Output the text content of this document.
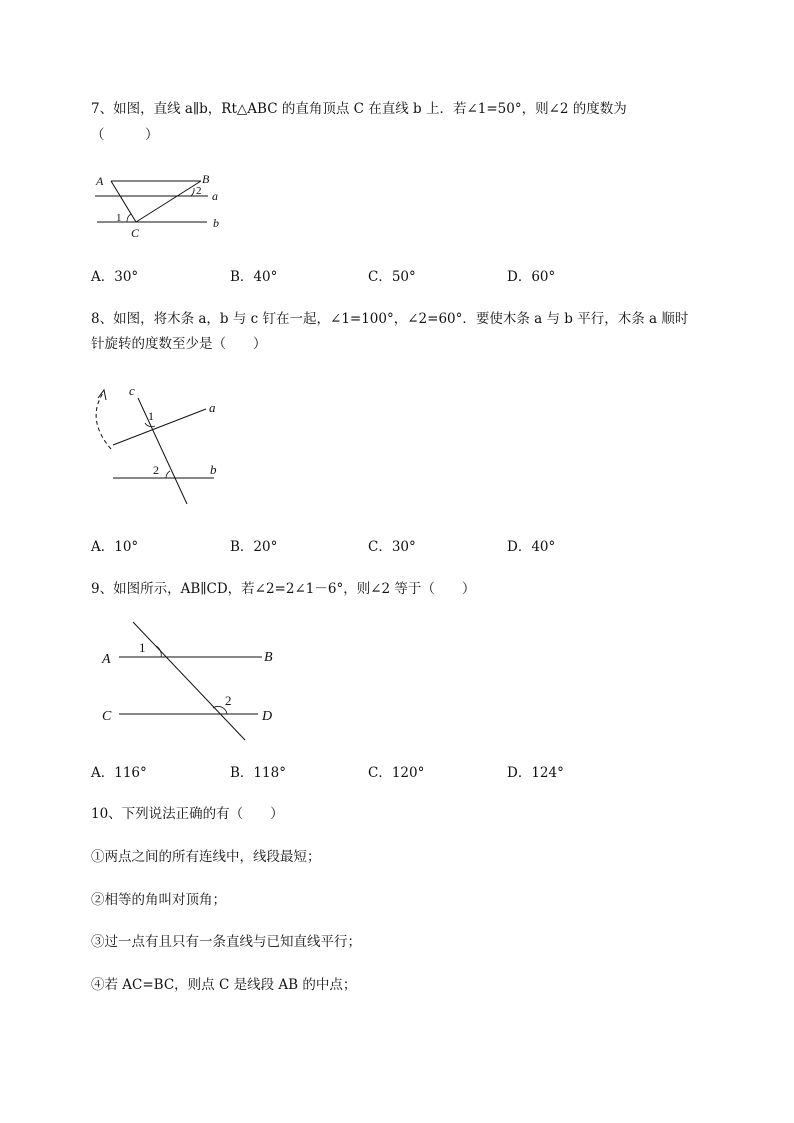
7、如图，直线 a∥b，Rt△ABC 的直角顶点 C 在直线 b 上．若∠1=50°，则∠2 的度数为
（　　　）
A	B
C
a
b
1
2
A．30°	B．40°	C．50°	D．60°
8、如图，将木条 a，b 与 c 钉在一起，∠1=100°，∠2=60°．要使木条 a 与 b 平行，木条 a 顺时
针旋转的度数至少是（　　）
c
a
b
1
2
A．10°	B．20°	C．30°	D．40°
9、如图所示，AB∥CD，若∠2=2∠1－6°，则∠2 等于（　　）
A	B
C	D
1
2
A．116°	B．118°	C．120°	D．124°
10、下列说法正确的有（　　）
①两点之间的所有连线中，线段最短；
②相等的角叫对顶角；
③过一点有且只有一条直线与已知直线平行；
④若 AC=BC，则点 C 是线段 AB 的中点；
